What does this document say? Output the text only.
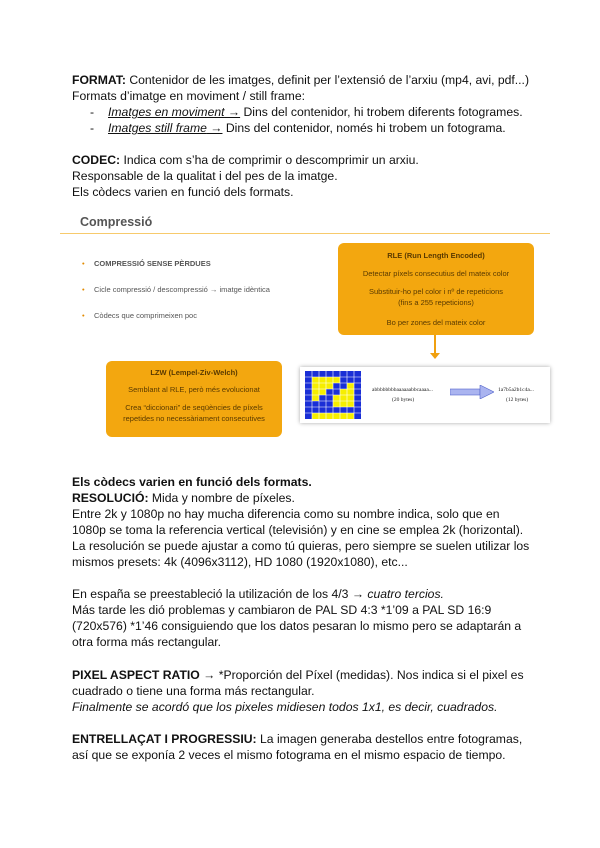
FORMAT: Contenidor de les imatges, definit per l’extensió de l’arxiu (mp4, avi, pdf...)
Formats d’imatge en moviment / still frame:
- Imatges en moviment → Dins del contenidor, hi trobem diferents fotogrames.
- Imatges still frame → Dins del contenidor, només hi trobem un fotograma.
CODEC: Indica com s’ha de comprimir o descomprimir un arxiu.
Responsable de la qualitat i del pes de la imatge.
Els còdecs varien en funció dels formats.
Compressió
• COMPRESSIÓ SENSE PÈRDUES
• Cicle compressió / descompressió → imatge idèntica
• Còdecs que comprimeixen poc
RLE (Run Length Encoded)
Detectar píxels consecutius del mateix color
Substituir-ho pel color i nº de repeticions
(fins a 255 repeticions)
Bo per zones del mateix color
LZW (Lempel-Ziv-Welch)
Semblant al RLE, però més evolucionat
Crea “diccionari” de seqüències de píxels
repetides no necessàriament consecutives
abbbbbbbbaaaaaabbcaaaa...
(20 bytes)
1a7b5a2b1c4a...
(12 bytes)
Els còdecs varien en funció dels formats.
RESOLUCIÓ: Mida y nombre de píxeles.
Entre 2k y 1080p no hay mucha diferencia como su nombre indica, solo que en
1080p se toma la referencia vertical (televisión) y en cine se emplea 2k (horizontal).
La resolución se puede ajustar a como tú quieras, pero siempre se suelen utilizar los
mismos presets: 4k (4096x3112), HD 1080 (1920x1080), etc...
En españa se preestableció la utilización de los 4/3 → cuatro tercios.
Más tarde les dió problemas y cambiaron de PAL SD 4:3 *1’09 a PAL SD 16:9
(720x576) *1’46 consiguiendo que los datos pesaran lo mismo pero se adaptarán a
otra forma más rectangular.
PIXEL ASPECT RATIO → *Proporción del Píxel (medidas). Nos indica si el pixel es
cuadrado o tiene una forma más rectangular.
Finalmente se acordó que los pixeles midiesen todos 1x1, es decir, cuadrados.
ENTRELLAÇAT I PROGRESSIU: La imagen generaba destellos entre fotogramas,
así que se exponía 2 veces el mismo fotograma en el mismo espacio de tiempo.
